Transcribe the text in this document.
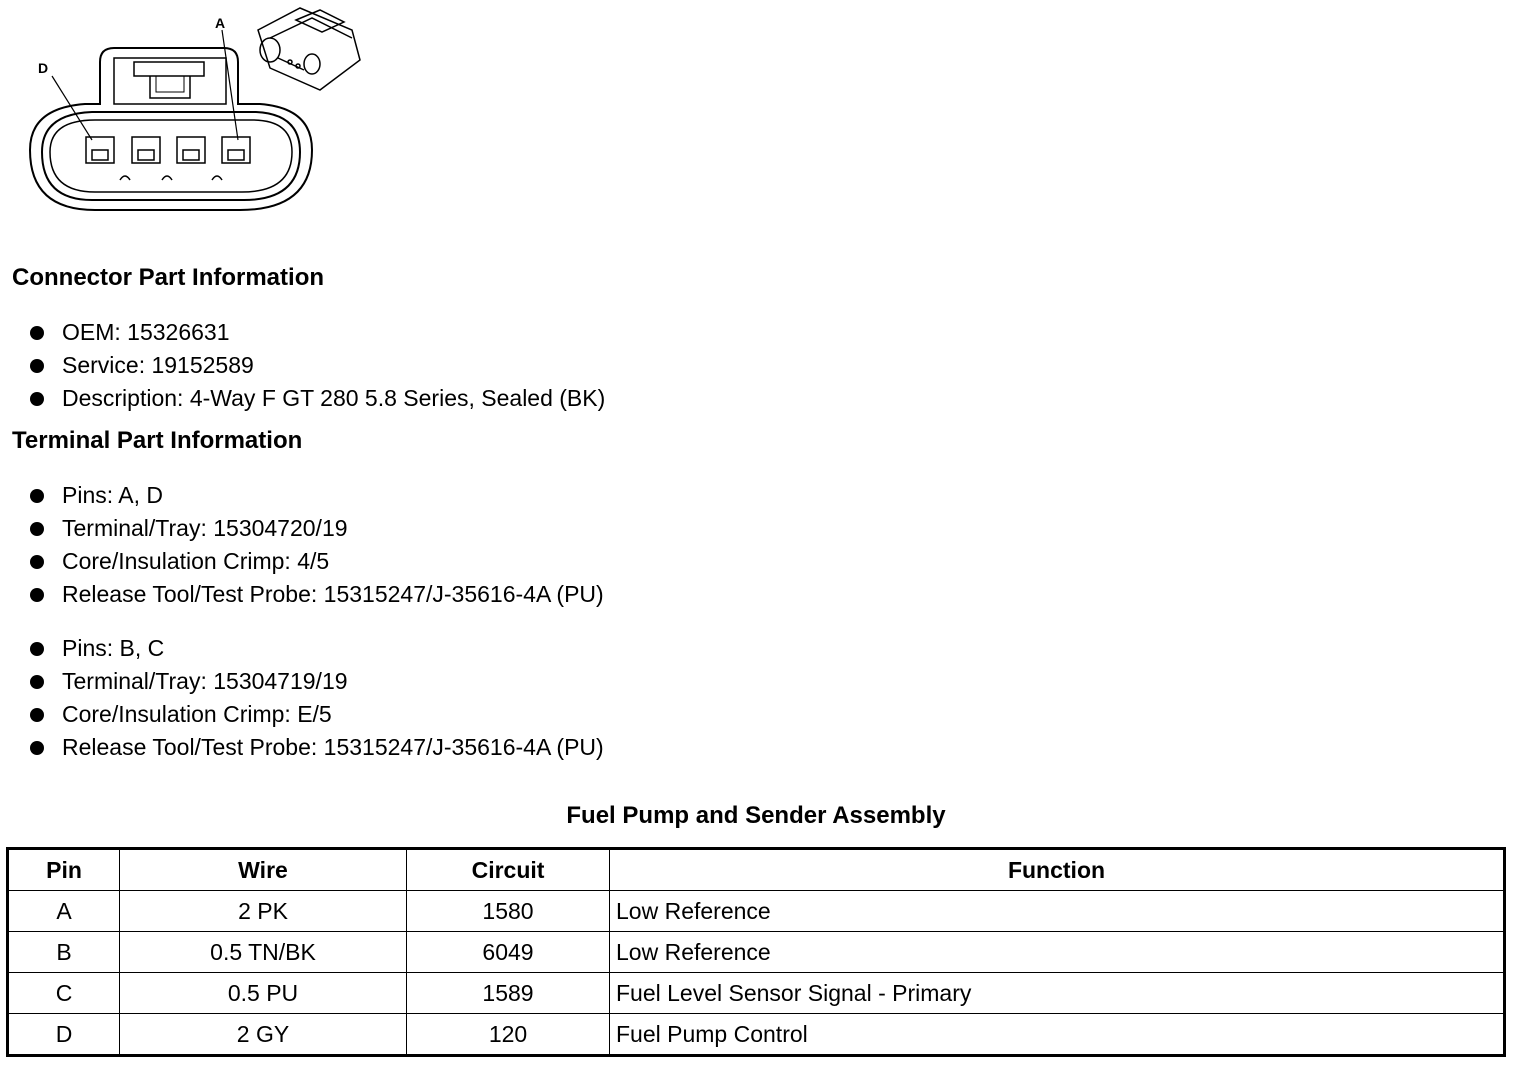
D
A
Connector Part Information
OEM: 15326631
Service: 19152589
Description: 4-Way F GT 280 5.8 Series, Sealed (BK)
Terminal Part Information
Pins: A, D
Terminal/Tray: 15304720/19
Core/Insulation Crimp: 4/5
Release Tool/Test Probe: 15315247/J-35616-4A (PU)
Pins: B, C
Terminal/Tray: 15304719/19
Core/Insulation Crimp: E/5
Release Tool/Test Probe: 15315247/J-35616-4A (PU)
Fuel Pump and Sender Assembly
Pin	Wire	Circuit	Function
A	2 PK	1580	Low Reference
B	0.5 TN/BK	6049	Low Reference
C	0.5 PU	1589	Fuel Level Sensor Signal - Primary
D	2 GY	120	Fuel Pump Control
